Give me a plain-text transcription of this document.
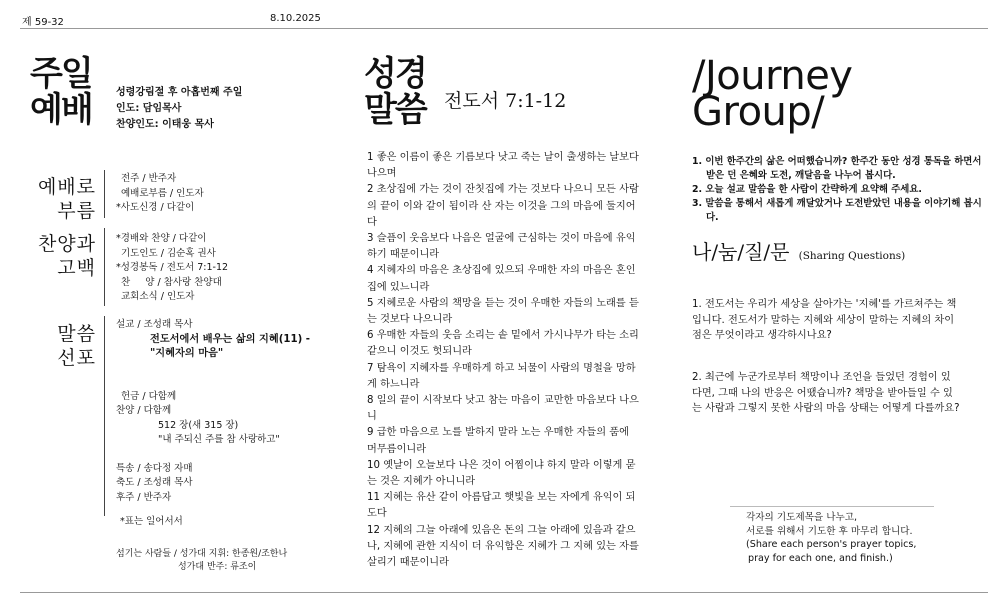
제 59-32	8.10.2025
주일
예배 성령강림절 후 아홉번째 주일
인도: 담임목사
찬양인도: 이태웅 목사
예배로
부름
전주 / 반주자
예배로부름 / 인도자
*사도신경 / 다같이
찬양과
고백
*경배와 찬양 / 다같이
기도인도 / 김순혹 권사
*성경봉독 / 전도서 7:1-12
찬     양 / 참사랑 찬양대
교회소식 / 인도자
말씀
선포
설교 / 조성래 목사
전도서에서 배우는 삶의 지혜(11) -
"지혜자의 마음"
헌금 / 다함께
찬양 / 다함께
512 장(새 315 장)
"내 주되신 주를 참 사랑하고"
특송 / 송다정 자매
축도 / 조성래 목사
후주 / 반주자
*표는 일어서서
섬기는 사람들 / 성가대 지휘: 한종원/조한나
성가대 반주: 류조이
성경
말씀 전도서 7:1-12
1 좋은 이름이 좋은 기름보다 낫고 죽는 날이 출생하는 날보다 나으며
2 초상집에 가는 것이 잔칫집에 가는 것보다 나으니 모든 사람의 끝이 이와 같이 됨이라 산 자는 이것을 그의 마음에 둘지어다
3 슬픔이 웃음보다 나음은 얼굴에 근심하는 것이 마음에 유익하기 때문이니라
4 지혜자의 마음은 초상집에 있으되 우매한 자의 마음은 혼인집에 있느니라
5 지혜로운 사람의 책망을 듣는 것이 우매한 자들의 노래를 듣는 것보다 나으니라
6 우매한 자들의 웃음 소리는 솥 밑에서 가시나무가 타는 소리 같으니 이것도 헛되니라
7 탐욕이 지혜자를 우매하게 하고 뇌물이 사람의 명철을 망하게 하느니라
8 일의 끝이 시작보다 낫고 참는 마음이 교만한 마음보다 나으니
9 급한 마음으로 노를 발하지 말라 노는 우매한 자들의 품에 머무름이니라
10 옛날이 오늘보다 나은 것이 어찜이냐 하지 말라 이렇게 묻는 것은 지혜가 아니니라
11 지혜는 유산 같이 아름답고 햇빛을 보는 자에게 유익이 되도다
12 지혜의 그늘 아래에 있음은 돈의 그늘 아래에 있음과 같으나, 지혜에 관한 지식이 더 유익함은 지혜가 그 지혜 있는 자를 살리기 때문이니라
/Journey
Group/
1. 이번 한주간의 삶은 어떠했습니까? 한주간 동안 성경 통독을 하면서 받은 던 은혜와 도전, 깨달음을 나누어 봅시다.
2. 오늘 설교 말씀을 한 사람이 간략하게 요약해 주세요.
3. 말씀을 통해서 새롭게 깨달았거나 도전받았던 내용을 이야기해 봅시다.
나/눔/질/문 (Sharing Questions)
1. 전도서는 우리가 세상을 살아가는 '지혜'를 가르쳐주는 책입니다. 전도서가 말하는 지혜와 세상이 말하는 지혜의 차이점은 무엇이라고 생각하시나요?
2. 최근에 누군가로부터 책망이나 조언을 들었던 경험이 있다면, 그때 나의 반응은 어땠습니까? 책망을 받아들일 수 있는 사람과 그렇지 못한 사람의 마음 상태는 어떻게 다를까요?
각자의 기도제목을 나누고,
서로를 위해서 기도한 후 마무리 합니다.
(Share each person's prayer topics,
pray for each one, and finish.)
